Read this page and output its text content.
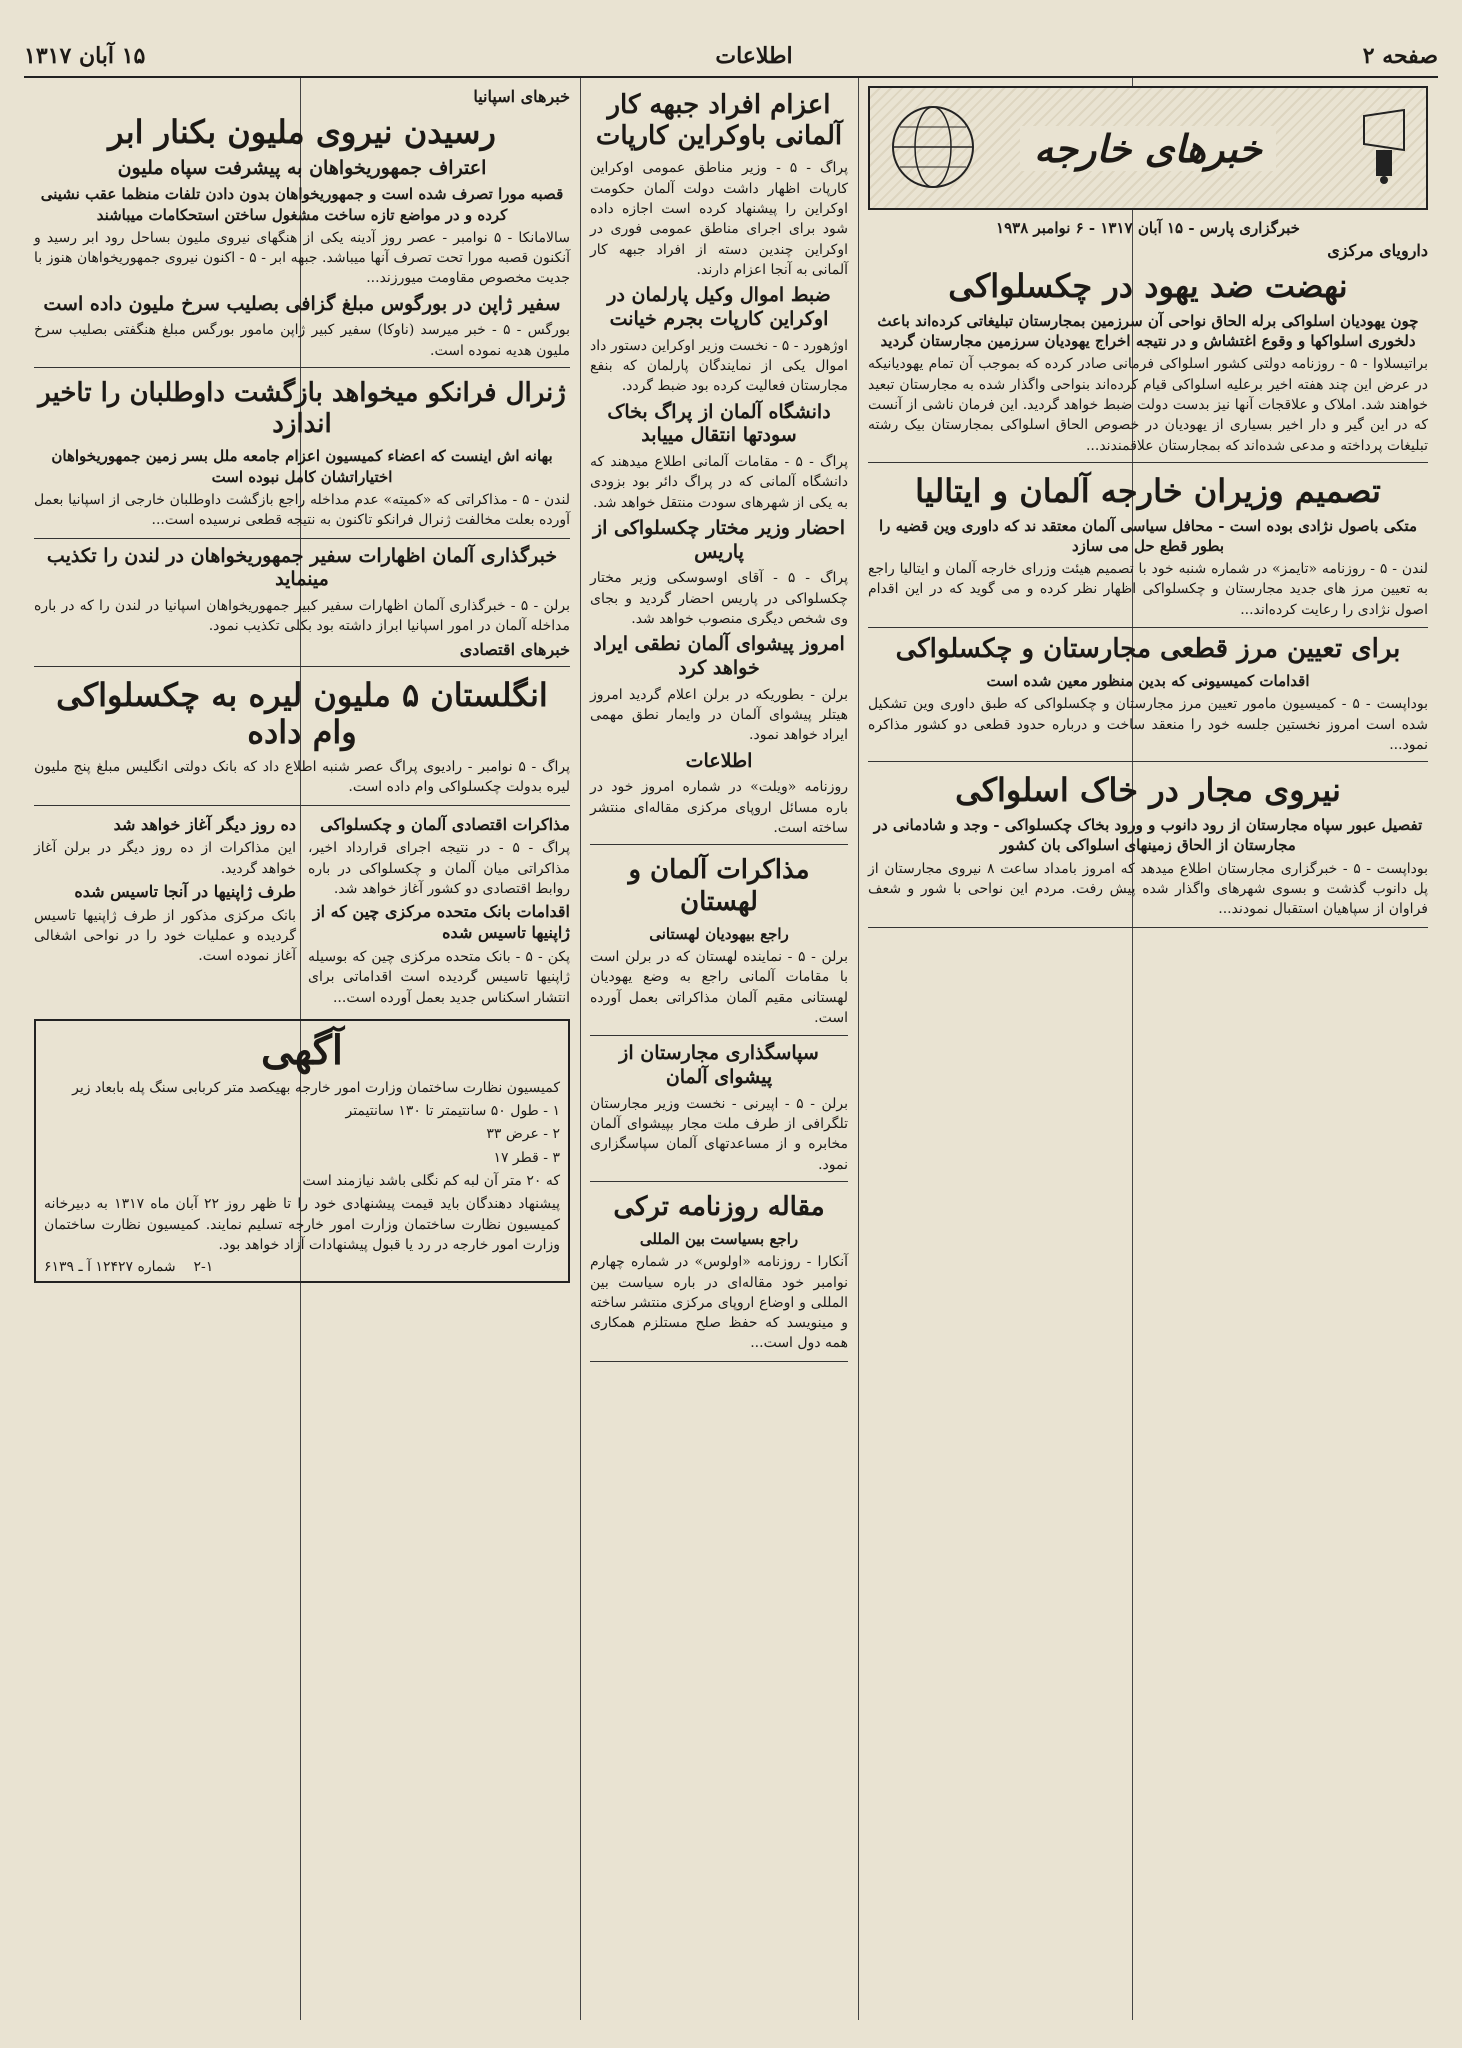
صفحه ۲
اطلاعات
۱۵ آبان ۱۳۱۷
خبرهای خارجه
خبرگزاری پارس - ۱۵ آبان ۱۳۱۷ - ۶ نوامبر ۱۹۳۸
دارویای مرکزی
نهضت ضد یهود در چکسلواکی
چون یهودیان اسلواکی برله الحاق نواحی آن سرزمین بمجارستان تبلیغاتی کرده‌اند باعث دلخوری اسلواکها و وقوع اغتشاش و در نتیجه اخراج یهودیان سرزمین مجارستان گردید
براتیسلاوا - ۵ - روزنامه دولتی کشور اسلواکی فرمانی صادر کرده که بموجب آن تمام یهودیانیکه در عرض این چند هفته اخیر برعلیه اسلواکی قیام کرده‌اند بنواحی واگذار شده به مجارستان تبعید خواهند شد. املاک و علاقجات آنها نیز بدست دولت ضبط خواهد گردید. این فرمان ناشی از آنست که در این گیر و دار اخیر بسیاری از یهودیان در خصوص الحاق اسلواکی بمجارستان بیک رشته تبلیغات پرداخته و مدعی شده‌اند که بمجارستان علاقمندند...
تصمیم وزیران خارجه آلمان و ایتالیا
متکی باصول نژادی بوده است - محافل سیاسی آلمان معتقد ند که داوری وین قضیه را بطور قطع حل می سازد
لندن - ۵ - روزنامه «تایمز» در شماره شنبه خود با تصمیم هیئت وزرای خارجه آلمان و ایتالیا راجع به تعیین مرز های جدید مجارستان و چکسلواکی اظهار نظر کرده و می گوید که در این اقدام اصول نژادی را رعایت کرده‌اند...
برای تعیین مرز قطعی مجارستان و چکسلواکی
اقدامات کمیسیونی که بدین منظور معین شده است
بوداپست - ۵ - کمیسیون مامور تعیین مرز مجارستان و چکسلواکی که طبق داوری وین تشکیل شده است امروز نخستین جلسه خود را منعقد ساخت و درباره حدود قطعی دو کشور مذاکره نمود...
نیروی مجار در خاک اسلواکی
تفصیل عبور سپاه مجارستان از رود دانوب و ورود بخاک چکسلواکی - وجد و شادمانی در مجارستان از الحاق زمینهای اسلواکی بان کشور
بوداپست - ۵ - خبرگزاری مجارستان اطلاع میدهد که امروز بامداد ساعت ۸ نیروی مجارستان از پل دانوب گذشت و بسوی شهرهای واگذار شده پیش رفت. مردم این نواحی با شور و شعف فراوان از سپاهیان استقبال نمودند...
اعزام افراد جبهه کار آلمانی باوکراین کارپات
پراگ - ۵ - وزیر مناطق عمومی اوکراین کارپات اظهار داشت دولت آلمان حکومت اوکراین را پیشنهاد کرده است اجازه داده شود برای اجرای مناطق عمومی فوری در اوکراین چندین دسته از افراد جبهه کار آلمانی به آنجا اعزام دارند.
ضبط اموال وکیل پارلمان در اوکراین کارپات بجرم خیانت
اوژهورد - ۵ - نخست وزیر اوکراین دستور داد اموال یکی از نمایندگان پارلمان که بنفع مجارستان فعالیت کرده بود ضبط گردد.
دانشگاه آلمان از پراگ بخاک سودتها انتقال مییابد
پراگ - ۵ - مقامات آلمانی اطلاع میدهند که دانشگاه آلمانی که در پراگ دائر بود بزودی به یکی از شهرهای سودت منتقل خواهد شد.
احضار وزیر مختار چکسلواکی از پاریس
پراگ - ۵ - آقای اوسوسکی وزیر مختار چکسلواکی در پاریس احضار گردید و بجای وی شخص دیگری منصوب خواهد شد.
امروز پیشوای آلمان نطقی ایراد خواهد کرد
برلن - بطوریکه در برلن اعلام گردید امروز هیتلر پیشوای آلمان در وایمار نطق مهمی ایراد خواهد نمود.
اطلاعات
روزنامه «ویلت» در شماره امروز خود در باره مسائل اروپای مرکزی مقاله‌ای منتشر ساخته است.
مذاکرات آلمان و لهستان
راجع بیهودیان لهستانی
برلن - ۵ - نماینده لهستان که در برلن است با مقامات آلمانی راجع به وضع یهودیان لهستانی مقیم آلمان مذاکراتی بعمل آورده است.
سپاسگذاری مجارستان از پیشوای آلمان
برلن - ۵ - اپیرنی - نخست وزیر مجارستان تلگرافی از طرف ملت مجار بپیشوای آلمان مخابره و از مساعدتهای آلمان سپاسگزاری نمود.
مقاله روزنامه ترکی
راجع بسیاست بین المللی
آنکارا - روزنامه «اولوس» در شماره چهارم نوامبر خود مقاله‌ای در باره سیاست بین المللی و اوضاع اروپای مرکزی منتشر ساخته و مینویسد که حفظ صلح مستلزم همکاری همه دول است...
خبرهای اسپانیا
رسیدن نیروی ملیون بکنار ابر
اعتراف جمهوریخواهان به پیشرفت سپاه ملیون
قصبه مورا تصرف شده است و جمهوریخواهان بدون دادن تلفات منظما عقب نشینی کرده و در مواضع تازه ساخت مشغول ساختن استحکامات میباشند
سالامانکا - ۵ نوامبر - عصر روز آدینه یکی از هنگهای نیروی ملیون بساحل رود ابر رسید و آنکنون قصبه مورا تحت تصرف آنها میباشد. جبهه ابر - ۵ - اکنون نیروی جمهوریخواهان هنوز با جدیت مخصوص مقاومت میورزند...
سفیر ژاپن در بورگوس مبلغ گزافی بصلیب سرخ ملیون داده است
بورگس - ۵ - خبر میرسد (ناوکا) سفیر کبیر ژاپن مامور بورگس مبلغ هنگفتی بصلیب سرخ ملیون هدیه نموده است.
ژنرال فرانکو میخواهد بازگشت داوطلبان را تاخیر اندازد
بهانه اش اینست که اعضاء کمیسیون اعزام جامعه ملل بسر زمین جمهوریخواهان اختیاراتشان کامل نبوده است
لندن - ۵ - مذاکراتی که «کمیته» عدم مداخله راجع بازگشت داوطلبان خارجی از اسپانیا بعمل آورده بعلت مخالفت ژنرال فرانکو تاکنون به نتیجه قطعی نرسیده است...
خبرگذاری آلمان اظهارات سفیر جمهوریخواهان در لندن را تکذیب مینماید
برلن - ۵ - خبرگذاری آلمان اظهارات سفیر کبیر جمهوریخواهان اسپانیا در لندن را که در باره مداخله آلمان در امور اسپانیا ابراز داشته بود بکلی تکذیب نمود.
خبرهای اقتصادی
انگلستان ۵ ملیون لیره به چکسلواکی وام داده
پراگ - ۵ نوامبر - رادیوی پراگ عصر شنبه اطلاع داد که بانک دولتی انگلیس مبلغ پنج ملیون لیره بدولت چکسلواکی وام داده است.
مذاکرات اقتصادی آلمان و چکسلواکی
پراگ - ۵ - در نتیجه اجرای قرارداد اخیر، مذاکراتی میان آلمان و چکسلواکی در باره روابط اقتصادی دو کشور آغاز خواهد شد.
اقدامات بانک متحده مرکزی چین که از ژاپنیها تاسیس شده
پکن - ۵ - بانک متحده مرکزی چین که بوسیله ژاپنیها تاسیس گردیده است اقداماتی برای انتشار اسکناس جدید بعمل آورده است...
ده روز دیگر آغاز خواهد شد
این مذاکرات از ده روز دیگر در برلن آغاز خواهد گردید.
طرف ژاپنیها در آنجا تاسیس شده
بانک مرکزی مذکور از طرف ژاپنیها تاسیس گردیده و عملیات خود را در نواحی اشغالی آغاز نموده است.
آگهی
کمیسیون نظارت ساختمان وزارت امور خارجه بهیکصد متر کربابی سنگ پله بابعاد زیر
۱ - طول ۵۰ سانتیمتر تا ۱۳۰ سانتیمتر
۲ - عرض ۳۳
۳ - قطر ۱۷
که ۲۰ متر آن لبه کم نگلی باشد نیازمند است
پیشنهاد دهندگان باید قیمت پیشنهادی خود را تا ظهر روز ۲۲ آبان ماه ۱۳۱۷ به دبیرخانه کمیسیون نظارت ساختمان وزارت امور خارجه تسلیم نمایند. کمیسیون نظارت ساختمان وزارت امور خارجه در رد یا قبول پیشنهادات آزاد خواهد بود.
۲-۱    شماره ۱۲۴۲۷ آ ـ ۶۱۳۹
